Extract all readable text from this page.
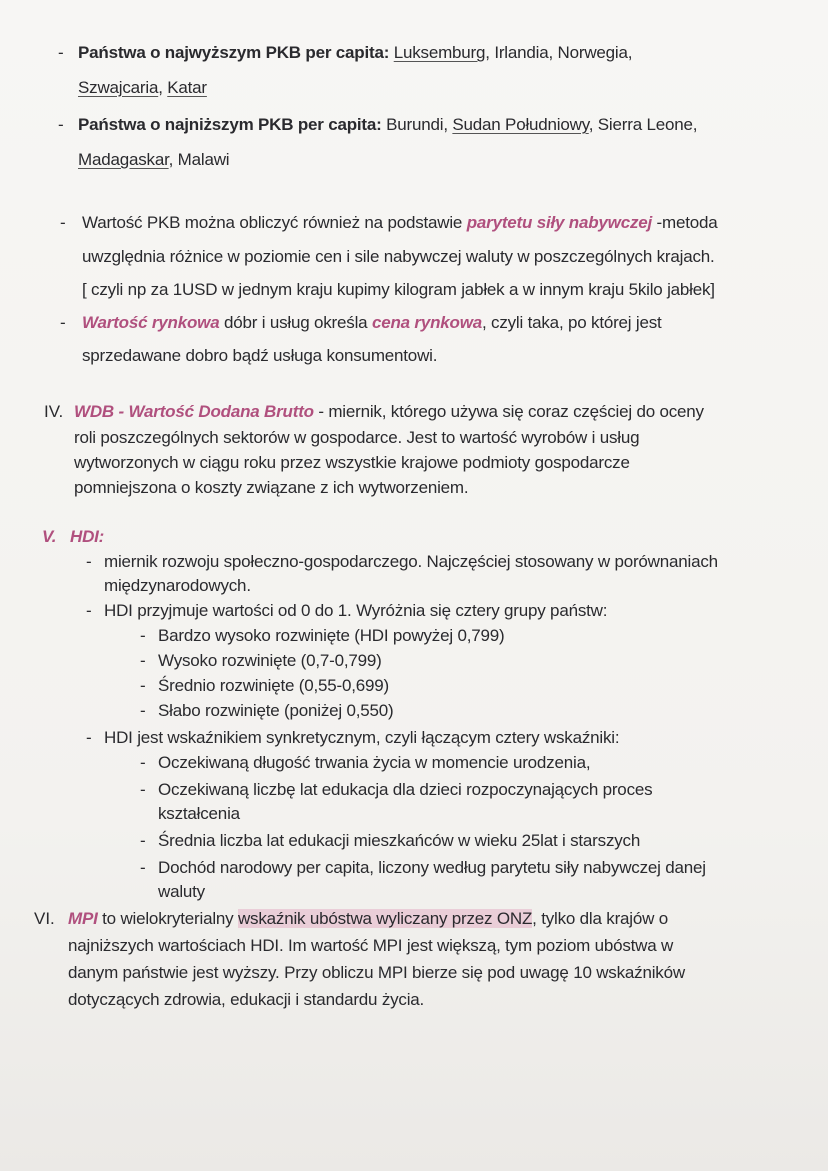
- Państwa o najwyższym PKB per capita: Luksemburg, Irlandia, Norwegia,
Szwajcaria, Katar
- Państwa o najniższym PKB per capita: Burundi, Sudan Południowy, Sierra Leone,
Madagaskar, Malawi
- Wartość PKB można obliczyć również na podstawie parytetu siły nabywczej -metoda
uwzględnia różnice w poziomie cen i sile nabywczej waluty w poszczególnych krajach.
[ czyli np za 1USD w jednym kraju kupimy kilogram jabłek a w innym kraju 5kilo jabłek]
- Wartość rynkowa dóbr i usług określa cena rynkowa, czyli taka, po której jest
sprzedawane dobro bądź usługa konsumentowi.
IV. WDB - Wartość Dodana Brutto - miernik, którego używa się coraz częściej do oceny
roli poszczególnych sektorów w gospodarce. Jest to wartość wyrobów i usług
wytworzonych w ciągu roku przez wszystkie krajowe podmioty gospodarcze
pomniejszona o koszty związane z ich wytworzeniem.
V. HDI:
- miernik rozwoju społeczno-gospodarczego. Najczęściej stosowany w porównaniach
międzynarodowych.
- HDI przyjmuje wartości od 0 do 1. Wyróżnia się cztery grupy państw:
- Bardzo wysoko rozwinięte (HDI powyżej 0,799)
- Wysoko rozwinięte (0,7-0,799)
- Średnio rozwinięte (0,55-0,699)
- Słabo rozwinięte (poniżej 0,550)
- HDI jest wskaźnikiem synkretycznym, czyli łączącym cztery wskaźniki:
- Oczekiwaną długość trwania życia w momencie urodzenia,
- Oczekiwaną liczbę lat edukacja dla dzieci rozpoczynających proces
kształcenia
- Średnia liczba lat edukacji mieszkańców w wieku 25lat i starszych
- Dochód narodowy per capita, liczony według parytetu siły nabywczej danej
waluty
VI. MPI to wielokryterialny wskaźnik ubóstwa wyliczany przez ONZ, tylko dla krajów o
najniższych wartościach HDI. Im wartość MPI jest większą, tym poziom ubóstwa w
danym państwie jest wyższy. Przy obliczu MPI bierze się pod uwagę 10 wskaźników
dotyczących zdrowia, edukacji i standardu życia.
